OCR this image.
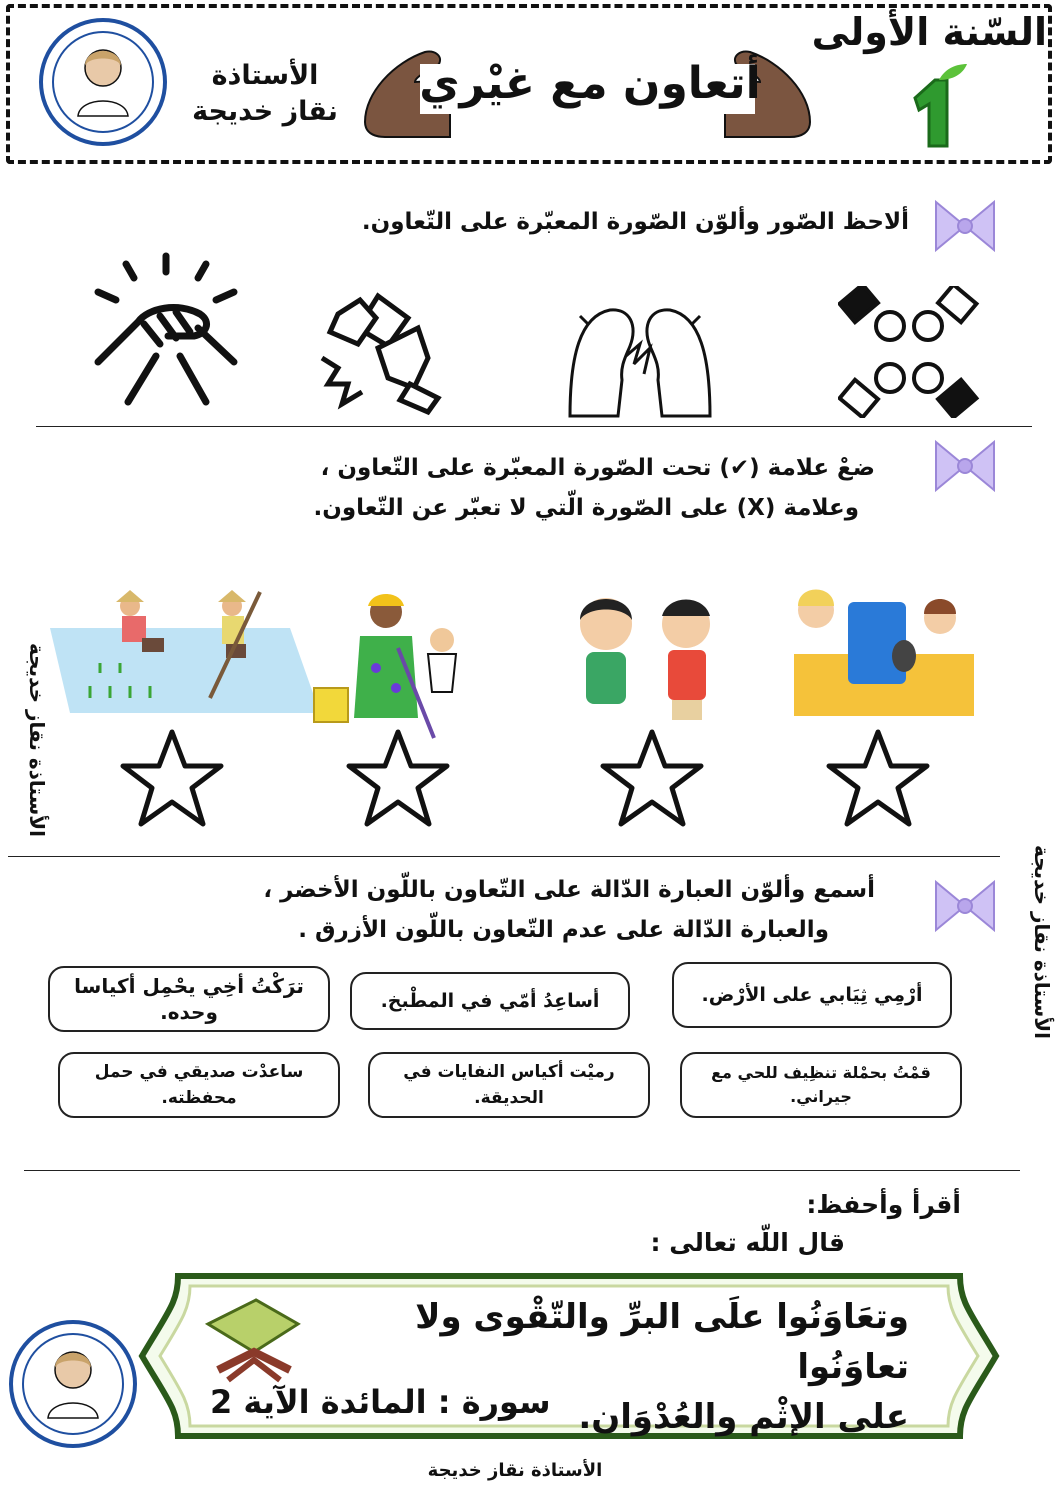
السّنة الأولى
أتعاون مع غيْري
الأستاذة
نقاز خديجة
ألاحظ الصّور وألوّن الصّورة المعبّرة على التّعاون.
ضعْ علامة (✔) تحت الصّورة المعبّرة على التّعاون ،
وعلامة (X) على الصّورة الّتي لا تعبّر عن التّعاون.
الأستاذة نقاز خديجة
الأستاذة نقاز خديجة
أسمع وألوّن العبارة الدّالة على التّعاون باللّون الأخضر ،
والعبارة الدّالة على عدم التّعاون باللّون الأزرق .
أرْمِي ثِيَابي على الأرْض.
أساعِدُ أمّي في المطْبخ.
ترَكْتُ أخِي يحْمِل أكياسا وحده.
قمْتُ بحمْلة تنظِيف للحي مع جيراني.
رميْت أكياس النفايات في الحديقة.
ساعدْت صديقي في حمل محفظته.
أقرأ وأحفظ:
قال اللّه تعالى :
وتعَاوَنُوا علَى البرِّ والتّقْوى ولا تعاوَنُوا
على الإثْم والعُدْوَان.
سورة : المائدة الآية 2
الأستاذة نقاز خديجة
